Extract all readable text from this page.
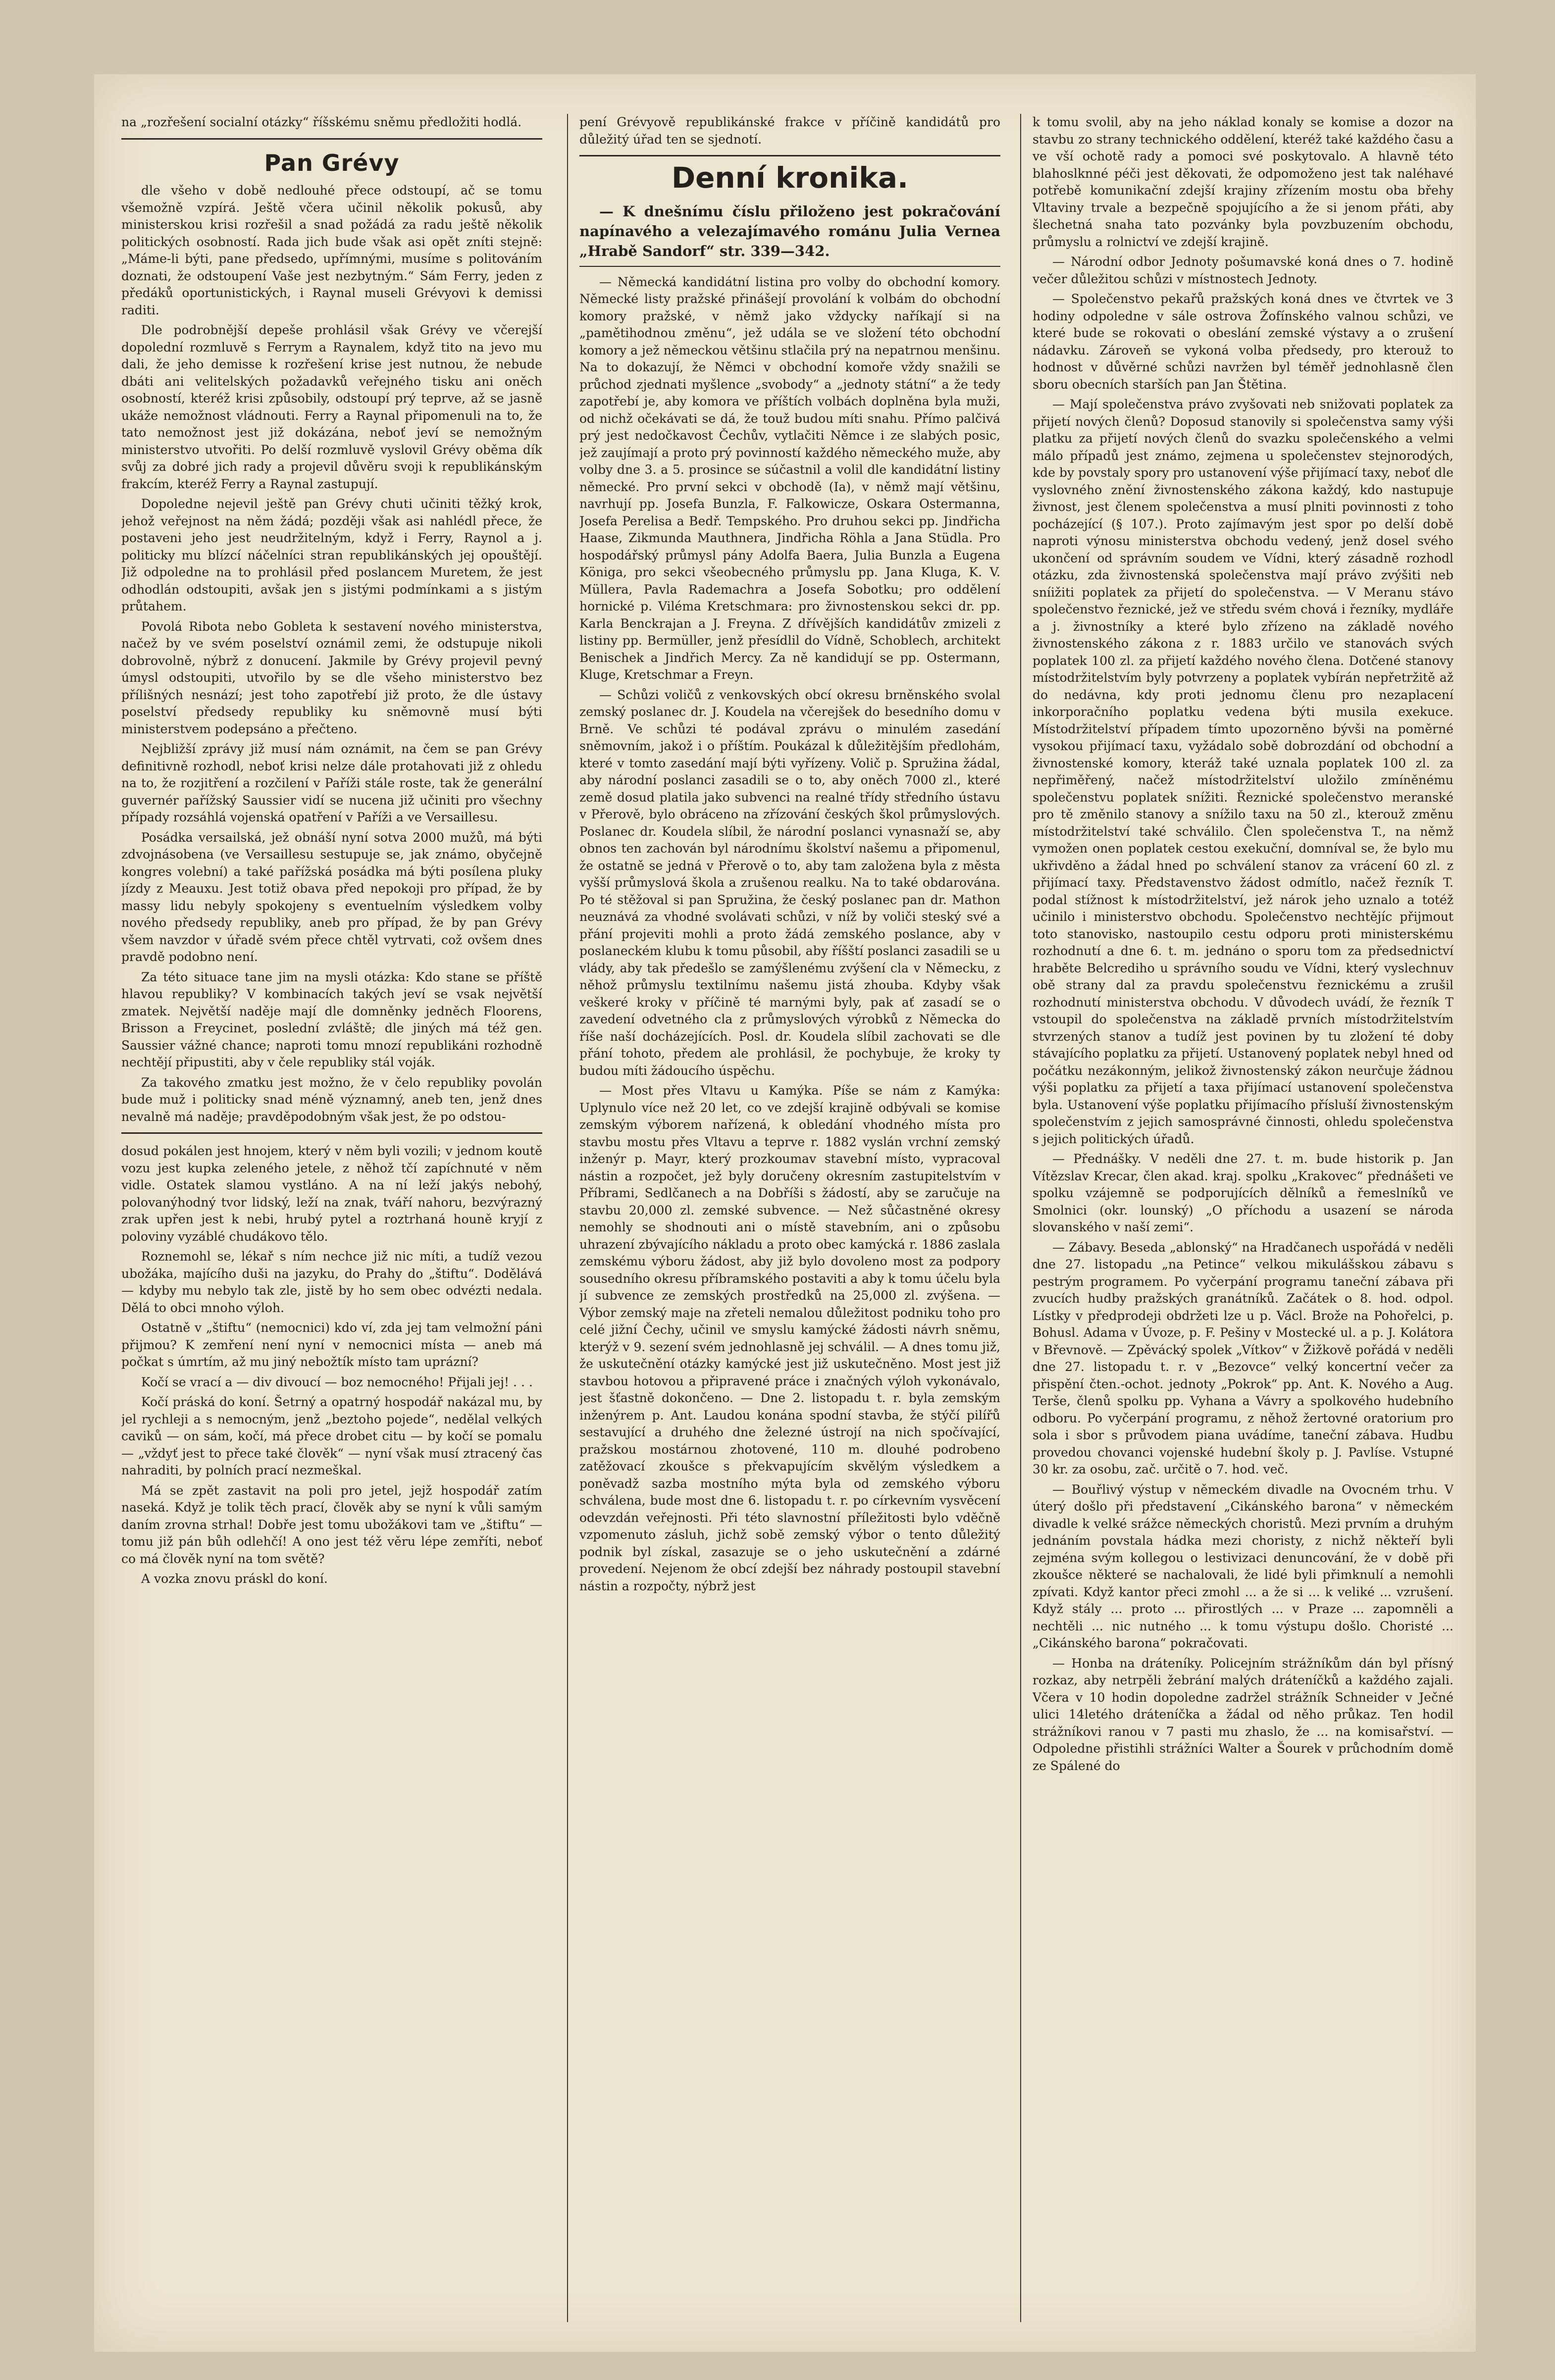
na „rozřešení socialní otázky“ říšskému sněmu předložiti hodlá.

Pan Grévy

dle všeho v době nedlouhé přece odstoupí, ač se tomu všemožně vzpírá. Ještě včera učinil několik pokusů, aby ministerskou krisi rozřešil a snad požádá za radu ještě několik politických osobností. Rada jich bude však asi opět zníti stejně: „Máme-li býti, pane předsedo, upřímnými, musíme s politováním doznati, že odstoupení Vaše jest nezbytným.“ Sám Ferry, jeden z předáků oportunistických, i Raynal museli Grévyovi k demissi raditi.

Dle podrobnější depeše prohlásil však Grévy ve včerejší dopolední rozmluvě s Ferrym a Raynalem, když tito na jevo mu dali, že jeho demisse k rozřešení krise jest nutnou, že nebude dbáti ani velitelských požadavků veřejného tisku ani oněch osobností, kteréž krisi způsobily, odstoupí prý teprve, až se jasně ukáže nemožnost vládnouti. Ferry a Raynal připomenuli na to, že tato nemožnost jest již dokázána, neboť jeví se nemožným ministerstvo utvořiti. Po delší rozmluvě vyslovil Grévy oběma dík svůj za dobré jich rady a projevil důvěru svoji k republikánským frakcím, kteréž Ferry a Raynal zastupují.

Dopoledne nejevil ještě pan Grévy chuti učiniti těžký krok, jehož veřejnost na něm žádá; později však asi nahlédl přece, že postaveni jeho jest neudržitelným, když i Ferry, Raynol a j. politicky mu blízcí náčelníci stran republikánských jej opouštějí. Již odpoledne na to prohlásil před poslancem Muretem, že jest odhodlán odstoupiti, avšak jen s jistými podmínkami a s jistým průtahem.

Povolá Ribota nebo Gobleta k sestavení nového ministerstva, načež by ve svém poselství oznámil zemi, že odstupuje nikoli dobrovolně, nýbrž z donucení. Jakmile by Grévy projevil pevný úmysl odstoupiti, utvořilo by se dle všeho ministerstvo bez přílišných nesnází; jest toho zapotřebí již proto, že dle ústavy poselství předsedy republiky ku sněmovně musí býti ministerstvem podepsáno a přečteno.

Nejbližší zprávy již musí nám oznámit, na čem se pan Grévy definitivně rozhodl, neboť krisi nelze dále protahovati již z ohledu na to, že rozjitření a rozčilení v Paříži stále roste, tak že generální guvernér pařížský Saussier vidí se nucena již učiniti pro všechny případy rozsáhlá vojenská opatření v Paříži a ve Versaillesu.

Posádka versailská, jež obnáší nyní sotva 2000 mužů, má býti zdvojnásobena (ve Versaillesu sestupuje se, jak známo, obyčejně kongres volební) a také pařížská posádka má býti posílena pluky jízdy z Meauxu. Jest totiž obava před nepokoji pro případ, že by massy lidu nebyly spokojeny s eventuelním výsledkem volby nového předsedy republiky, aneb pro případ, že by pan Grévy všem navzdor v úřadě svém přece chtěl vytrvati, což ovšem dnes pravdě podobno není.

Za této situace tane jim na mysli otázka: Kdo stane se příště hlavou republiky? V kombinacích takých jeví se vsak největší zmatek. Největší naděje mají dle domněnky jedněch Floorens, Brisson a Freycinet, poslední zvláště; dle jiných má též gen. Saussier vážné chance; naproti tomu mnozí republikáni rozhodně nechtějí připustiti, aby v čele republiky stál voják.

Za takového zmatku jest možno, že v čelo republiky povolán bude muž i politicky snad méně významný, aneb ten, jenž dnes nevalně má naděje; pravděpodobným však jest, že po odstou-

dosud pokálen jest hnojem, který v něm byli vozili; v jednom koutě vozu jest kupka zeleného jetele, z něhož tčí zapíchnuté v něm vidle. Ostatek slamou vystláno. A na ní leží jakýs nebohý, polovanýhodný tvor lidský, leží na znak, tváří nahoru, bezvýrazný zrak upřen jest k nebi, hrubý pytel a roztrhaná houně kryjí z poloviny vyzáblé chudákovo tělo.

Roznemohl se, lékař s ním nechce již nic míti, a tudíž vezou ubožáka, majícího duši na jazyku, do Prahy do „štiftu“. Dodělává — kdyby mu nebylo tak zle, jistě by ho sem obec odvézti nedala. Dělá to obci mnoho výloh.

Ostatně v „štiftu“ (nemocnici) kdo ví, zda jej tam velmožní páni přijmou? K zemření není nyní v nemocnici místa — aneb má počkat s úmrtím, až mu jiný nebožtík místo tam uprázní?

Kočí se vrací a — div divoucí — boz nemocného! Přijali jej! . . .

Kočí práská do koní. Šetrný a opatrný hospodář nakázal mu, by jel rychleji a s nemocným, jenž „beztoho pojede“, nedělal velkých caviků — on sám, kočí, má přece drobet citu — by kočí se pomalu — „vždyť jest to přece také člověk“ — nyní však musí ztracený čas nahraditi, by polních prací nezmeškal.

Má se zpět zastavit na poli pro jetel, jejž hospodář zatím naseká. Když je tolik těch prací, člověk aby se nyní k vůli samým daním zrovna strhal! Dobře jest tomu ubožákovi tam ve „štiftu“ — tomu již pán bůh odlehčí! A ono jest též věru lépe zemříti, neboť co má člověk nyní na tom světě?

A vozka znovu práskl do koní.

pení Grévyově republikánské frakce v příčině kandidátů pro důležitý úřad ten se sjednotí.

Denní kronika.

— K dnešnímu číslu přiloženo jest pokračování napínavého a velezajímavého románu Julia Vernea „Hrabě Sandorf“ str. 339—342.

— Německá kandidátní listina pro volby do obchodní komory. Německé listy pražské přinášejí provolání k volbám do obchodní komory pražské, v němž jako vždycky naříkají si na „pamětihodnou změnu“, jež udála se ve složení této obchodní komory a jež německou většinu stlačila prý na nepatrnou menšinu. Na to dokazují, že Němci v obchodní komoře vždy snažili se průchod zjednati myšlence „svobody“ a „jednoty státní“ a že tedy zapotřebí je, aby komora ve příštích volbách doplněna byla muži, od nichž očekávati se dá, že touž budou míti snahu. Přímo palčivá prý jest nedočkavost Čechův, vytlačiti Němce i ze slabých posic, jež zaujímají a proto prý povinností každého německého muže, aby volby dne 3. a 5. prosince se súčastnil a volil dle kandidátní listiny německé. Pro první sekci v obchodě (Ia), v němž mají většinu, navrhují pp. Josefa Bunzla, F. Falkowicze, Oskara Ostermanna, Josefa Perelisa a Bedř. Tempského. Pro druhou sekci pp. Jindřicha Haase, Zikmunda Mauthnera, Jindřicha Röhla a Jana Stüdla. Pro hospodářský průmysl pány Adolfa Baera, Julia Bunzla a Eugena Königa, pro sekci všeobecného průmyslu pp. Jana Kluga, K. V. Müllera, Pavla Rademachra a Josefa Sobotku; pro oddělení hornické p. Viléma Kretschmara: pro živnostenskou sekci dr. pp. Karla Benckrajan a J. Freyna. Z dřívějších kandidátův zmizeli z listiny pp. Bermüller, jenž přesídlil do Vídně, Schoblech, architekt Benischek a Jindřich Mercy. Za ně kandidují se pp. Ostermann, Kluge, Kretschmar a Freyn.

— Schůzi voličů z venkovských obcí okresu brněnského svolal zemský poslanec dr. J. Koudela na včerejšek do besedního domu v Brně. Ve schůzi té podával zprávu o minulém zasedání sněmovním, jakož i o příštím. Poukázal k důležitějším předlohám, které v tomto zasedání mají býti vyřízeny. Volič p. Spružina žádal, aby národní poslanci zasadili se o to, aby oněch 7000 zl., které země dosud platila jako subvenci na realné třídy středního ústavu v Přerově, bylo obráceno na zřízování českých škol průmyslových. Poslanec dr. Koudela slíbil, že národní poslanci vynasnaží se, aby obnos ten zachován byl národnímu školství našemu a připomenul, že ostatně se jedná v Přerově o to, aby tam založena byla z města vyšší průmyslová škola a zrušenou realku. Na to také obdarována. Po té stěžoval si pan Spružina, že český poslanec pan dr. Mathon neuznává za vhodné svolávati schůzi, v níž by voliči steský své a přání projeviti mohli a proto žádá zemského poslance, aby v poslaneckém klubu k tomu působil, aby říšští poslanci zasadili se u vlády, aby tak předešlo se zamýšlenému zvýšení cla v Německu, z něhož průmyslu textilnímu našemu jistá zhouba. Kdyby však veškeré kroky v příčině té marnými byly, pak ať zasadí se o zavedení odvetného cla z průmyslových výrobků z Německa do říše naší docházejících. Posl. dr. Koudela slíbil zachovati se dle přání tohoto, předem ale prohlásil, že pochybuje, že kroky ty budou míti žádoucího úspěchu.

— Most přes Vltavu u Kamýka. Píše se nám z Kamýka: Uplynulo více než 20 let, co ve zdejší krajině odbývali se komise zemským výborem nařízená, k obledání vhodného místa pro stavbu mostu přes Vltavu a teprve r. 1882 vyslán vrchní zemský inženýr p. Mayr, který prozkoumav stavební místo, vypracoval nástin a rozpočet, jež byly doručeny okresním zastupitelstvím v Příbrami, Sedlčanech a na Dobříši s žádostí, aby se zaručuje na stavbu 20,000 zl. zemské subvence. — Než sůčastněné okresy nemohly se shodnouti ani o místě stavebním, ani o způsobu uhrazení zbývajícího nákladu a proto obec kamýcká r. 1886 zaslala zemskému výboru žádost, aby již bylo dovoleno most za podpory sousedního okresu příbramského postaviti a aby k tomu účelu byla jí subvence ze zemských prostředků na 25,000 zl. zvýšena. — Výbor zemský maje na zřeteli nemalou důležitost podniku toho pro celé jižní Čechy, učinil ve smyslu kamýcké žádosti návrh sněmu, kterýž v 9. sezení svém jednohlasně jej schválil. — A dnes tomu již, že uskutečnění otázky kamýcké jest již uskutečněno. Most jest již stavbou hotovou a připravené práce i značných výloh vykonávalo, jest šťastně dokončeno. — Dne 2. listopadu t. r. byla zemským inženýrem p. Ant. Laudou konána spodní stavba, že stýčí pilířů sestavující a druhého dne železné ústrojí na nich spočívající, pražskou mostárnou zhotovené, 110 m. dlouhé podrobeno zatěžovací zkoušce s překvapujícím skvělým výsledkem a poněvadž sazba mostního mýta byla od zemského výboru schválena, bude most dne 6. listopadu t. r. po církevním vysvěcení odevzdán veřejnosti. Při této slavnostní příležitosti bylo vděčně vzpomenuto zásluh, jichž sobě zemský výbor o tento důležitý podnik byl získal, zasazuje se o jeho uskutečnění a zdárné provedení. Nejenom že obcí zdejší bez náhrady postoupil stavební nástin a rozpočty, nýbrž jest

k tomu svolil, aby na jeho náklad konaly se komise a dozor na stavbu zo strany technického oddělení, kteréž také každého času a ve vší ochotě rady a pomoci své poskytovalo. A hlavně této blahoslknné péči jest děkovati, že odpomoženo jest tak naléhavé potřebě komunikační zdejší krajiny zřízením mostu oba břehy Vltaviny trvale a bezpečně spojujícího a že si jenom přáti, aby šlechetná snaha tato pozvánky byla povzbuzením obchodu, průmyslu a rolnictví ve zdejší krajině.

— Národní odbor Jednoty pošumavské koná dnes o 7. hodině večer důležitou schůzi v místnostech Jednoty.

— Společenstvo pekařů pražských koná dnes ve čtvrtek ve 3 hodiny odpoledne v sále ostrova Žofínského valnou schůzi, ve které bude se rokovati o obeslání zemské výstavy a o zrušení nádavku. Zároveň se vykoná volba předsedy, pro kterouž to hodnost v důvěrné schůzi navržen byl téměř jednohlasně člen sboru obecních starších pan Jan Štětina.

— Mají společenstva právo zvyšovati neb snižovati poplatek za přijetí nových členů? Doposud stanovily si společenstva samy výši platku za přijetí nových členů do svazku společenského a velmi málo případů jest známo, zejmena u společenstev stejnorodých, kde by povstaly spory pro ustanovení výše přijímací taxy, neboť dle vyslovného znění živnostenského zákona každý, kdo nastupuje živnost, jest členem společenstva a musí plniti povinnosti z toho pocházející (§ 107.). Proto zajímavým jest spor po delší době naproti výnosu ministerstva obchodu vedený, jenž dosel svého ukončení od správním soudem ve Vídni, který zásadně rozhodl otázku, zda živnostenská společenstva mají právo zvýšiti neb sníižiti poplatek za přijetí do společenstva. — V Meranu stávo společenstvo řeznické, jež ve středu svém chová i řezníky, mydláře a j. živnostníky a které bylo zřízeno na základě nového živnostenského zákona z r. 1883 určilo ve stanovách svých poplatek 100 zl. za přijetí každého nového člena. Dotčené stanovy místodržitelstvím byly potvrzeny a poplatek vybírán nepřetržitě až do nedávna, kdy proti jednomu členu pro nezaplacení inkorporačního poplatku vedena býti musila exekuce. Místodržitelství případem tímto upozorněno bývši na poměrné vysokou přijímací taxu, vyžádalo sobě dobrozdání od obchodní a živnostenské komory, kteráž také uznala poplatek 100 zl. za nepřiměřený, načež místodržitelství uložilo zmíněnému společenstvu poplatek snížiti. Řeznické společenstvo meranské pro tě změnilo stanovy a snížilo taxu na 50 zl., kterouž změnu místodržitelství také schválilo. Člen společenstva T., na němž vymožen onen poplatek cestou exekuční, domníval se, že bylo mu ukřivděno a žádal hned po schválení stanov za vrácení 60 zl. z přijímací taxy. Představenstvo žádost odmítlo, načež řezník T. podal stížnost k místodržitelství, jež nárok jeho uznalo a totéž učinilo i ministerstvo obchodu. Společenstvo nechtějíc přijmout toto stanovisko, nastoupilo cestu odporu proti ministerskému rozhodnutí a dne 6. t. m. jednáno o sporu tom za předsednictví hraběte Belcrediho u správního soudu ve Vídni, který vyslechnuv obě strany dal za pravdu společenstvu řeznickému a zrušil rozhodnutí ministerstva obchodu. V důvodech uvádí, že řezník T vstoupil do společenstva na základě prvních místodržitelstvím stvrzených stanov a tudíž jest povinen by tu zložení té doby stávajícího poplatku za přijetí. Ustanovený poplatek nebyl hned od počátku nezákonným, jelikož živnostenský zákon neurčuje žádnou výši poplatku za přijetí a taxa přijímací ustanovení společenstva byla. Ustanovení výše poplatku přijímacího přísluší živnostenským společenstvím z jejich samosprávné činnosti, ohledu společenstva s jejich politických úřadů.

— Přednášky. V neděli dne 27. t. m. bude historik p. Jan Vítězslav Krecar, člen akad. kraj. spolku „Krakovec“ přednášeti ve spolku vzájemně se podporujících dělníků a řemeslníků ve Smolnici (okr. lounský) „O příchodu a usazení se národa slovanského v naší zemi“.

— Zábavy. Beseda „ablonský“ na Hradčanech uspořádá v neděli dne 27. listopadu „na Petince“ velkou mikulášskou zábavu s pestrým programem. Po vyčerpání programu taneční zábava při zvucích hudby pražských granátníků. Začátek o 8. hod. odpol. Lístky v předprodeji obdržeti lze u p. Václ. Brože na Pohořelci, p. Bohusl. Adama v Úvoze, p. F. Pešiny v Mostecké ul. a p. J. Kolátora v Břevnově. — Zpěvácký spolek „Vítkov“ v Žižkově pořádá v neděli dne 27. listopadu t. r. v „Bezovce“ velký koncertní večer za přispění čten.-ochot. jednoty „Pokrok“ pp. Ant. K. Nového a Aug. Terše, členů spolku pp. Vyhana a Vávry a spolkového hudebního odboru. Po vyčerpání programu, z něhož žertovné oratorium pro sola i sbor s průvodem piana uvádíme, taneční zábava. Hudbu provedou chovanci vojenské hudební školy p. J. Pavlíse. Vstupné 30 kr. za osobu, zač. určitě o 7. hod. več.

— Bouřlivý výstup v německém divadle na Ovocném trhu. V úterý došlo při představení „Cikánského barona“ v německém divadle k velké srážce německých choristů. Mezi prvním a druhým jednáním povstala hádka mezi choristy, z nichž někteří byli zejména svým kollegou o lestivizaci denuncování, že v době při zkoušce některé se nachalovali, že lidé byli přimknulí a nemohli zpívati. Když kantor přeci zmohl ... a že si ... k veliké ... vzrušení. Když stály ... proto ... přirostlých ... v Praze ... zapomněli a nechtěli ... nic nutného ... k tomu výstupu došlo. Choristé ... „Cikánského barona“ pokračovati.

— Honba na dráteníky. Policejním strážníkům dán byl přísný rozkaz, aby netrpěli žebrání malých dráteníčků a každého zajali. Včera v 10 hodin dopoledne zadržel strážník Schneider v Ječné ulici 14letého dráteníčka a žádal od něho průkaz. Ten hodil strážníkovi ranou v 7 pasti mu zhaslo, že ... na komisařství. — Odpoledne přistihli strážníci Walter a Šourek v průchodním domě ze Spálené do
